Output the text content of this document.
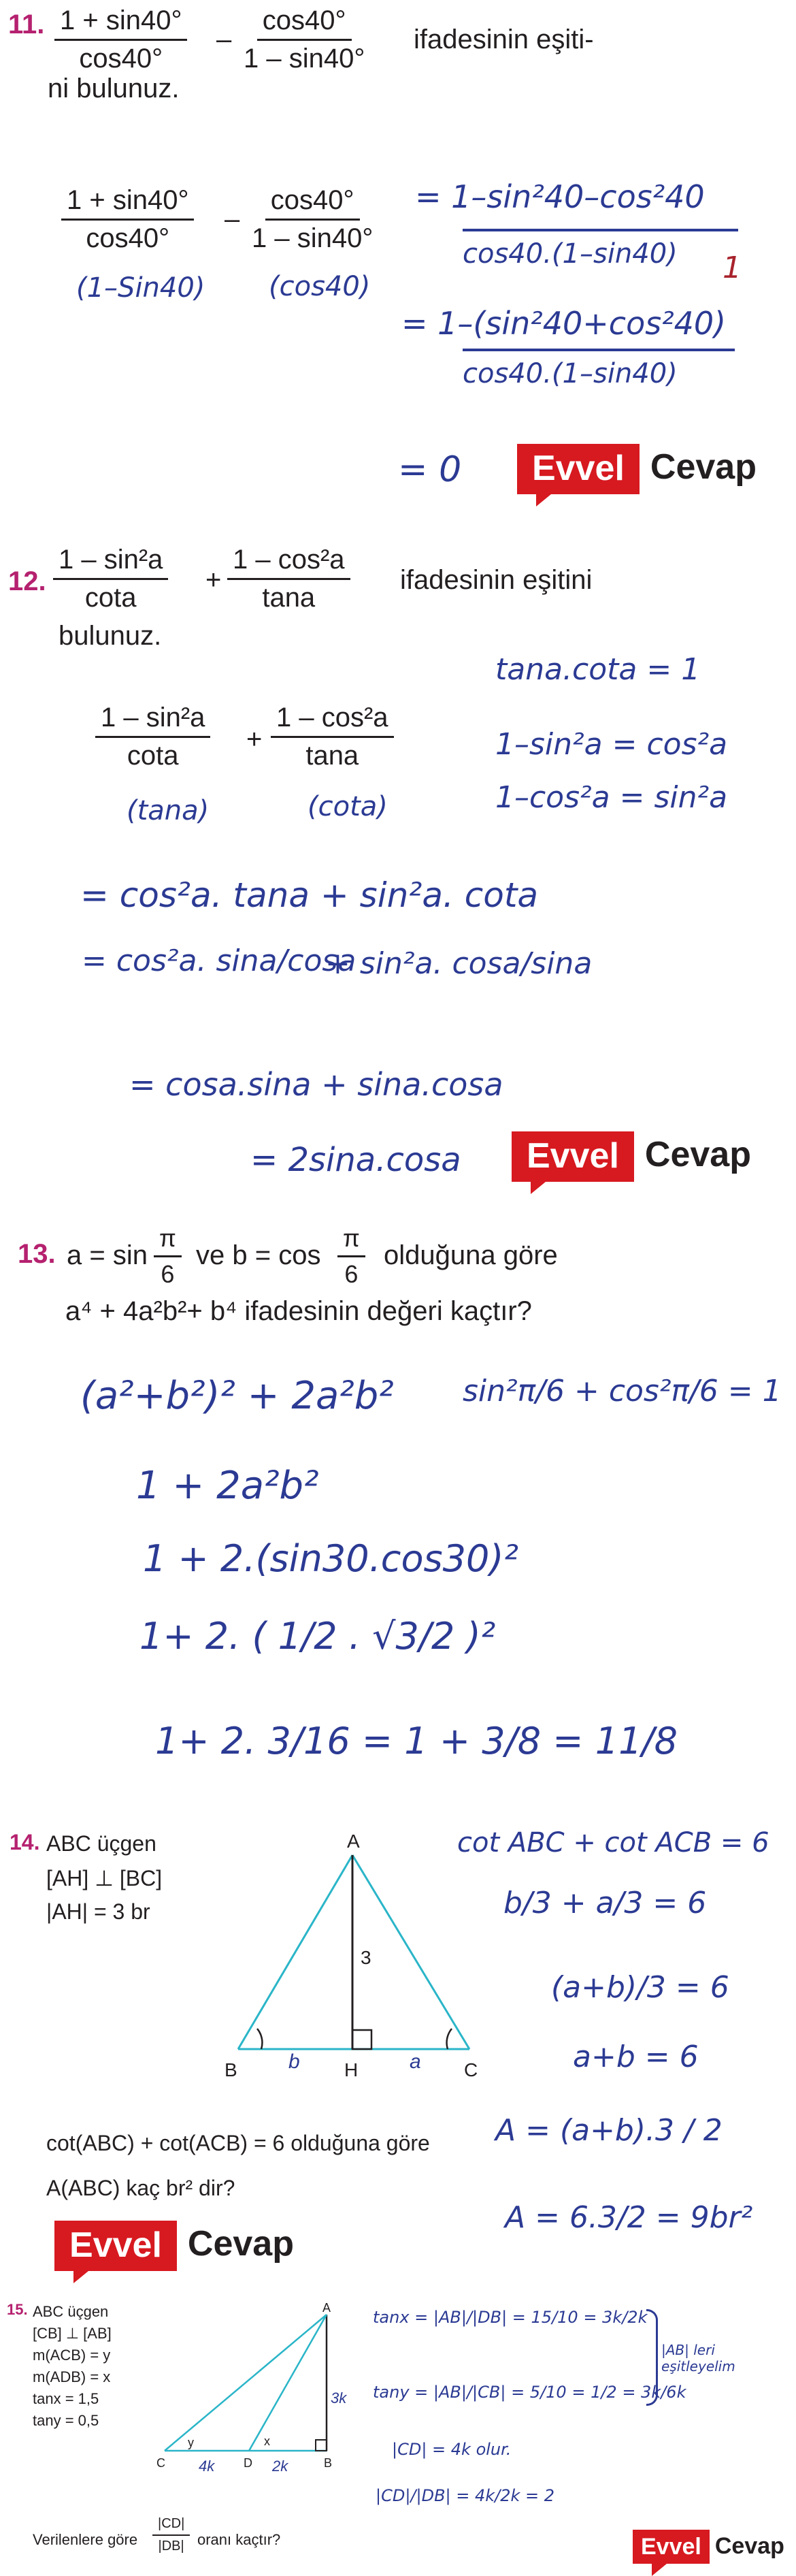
11. $\frac{1 + \sin 40^\circ}{\cos 40^\circ} - \frac{\cos 40^\circ}{1 - \sin 40^\circ}$ ifadesinin eşiti-
ni bulunuz.
$\frac{1 + \sin 40^\circ}{\cos 40^\circ} - \frac{\cos 40^\circ}{1 - \sin 40^\circ}$
(1–Sin40) (cos40)
= 1–sin²40–cos²40
cos40.(1–sin40) 1
= 1–(sin²40+cos²40)
cos40.(1–sin40)
= 0	Evvel Cevap
12. $\frac{\text{1 – sin²a}}{\cot a} + \frac{\text{1 – cos²a}}{\tan a}$ ifadesinin eşitini
bulunuz.
$\frac{\text{1 – sin²a}}{\cot a} + \frac{\text{1 – cos²a}}{\tan a}$
(tana)	(cota)
tana.cota = 1
1–sin²a = cos²a
1–cos²a = sin²a
= cos²a. tana + sin²a. cota
= cos²a. sina/cosa
+ sin²a. cosa/sina
= cosa.sina + sina.cosa
= 2sina.cosa	Evvel Cevap
13. $a = \sin \frac{\pi}{6}$ ve $b = \cos \frac{\pi}{6}$ olduğuna göre
a⁴ + 4a²b²+ b⁴ ifadesinin değeri kaçtır?
(a²+b²)² + 2a²b² sin²π/6 + cos²π/6 = 1
1 + 2a²b²
1 + 2.(sin30.cos30)²
1+ 2. ( 1/2 . √3/2 )²
1+ 2. 3/16 = 1 + 3/8 = 11/8
14. ABC üçgen
[AH] ⊥ [BC]
|AH| = 3 br
A
B	H	C
3
b	a
cot(ABC) + cot(ACB) = 6 olduğuna göre
A(ABC) kaç br² dir?
Evvel Cevap
cot ABC + cot ACB = 6
b/3 + a/3 = 6
(a+b)/3 = 6
a+b = 6
A = (a+b).3 / 2
A = 6.3/2 = 9br²
15. ABC üçgen
[CB] ⊥ [AB]
m(ACB) = y
m(ADB) = x
tanx = 1,5
tany = 0,5
A
C	D	B
y	x
4k	2k
3k
Verilenlere göre $\frac{|CD|}{|DB|}$ oranı kaçtır?
tanx = |AB|/|DB| = 15/10 = 3k/2k
tany = |AB|/|CB| = 5/10 = 1/2 = 3k/6k
|AB| leri eşitleyelim
|CD| = 4k olur.
|CD|/|DB| = 4k/2k = 2
Evvel Cevap
